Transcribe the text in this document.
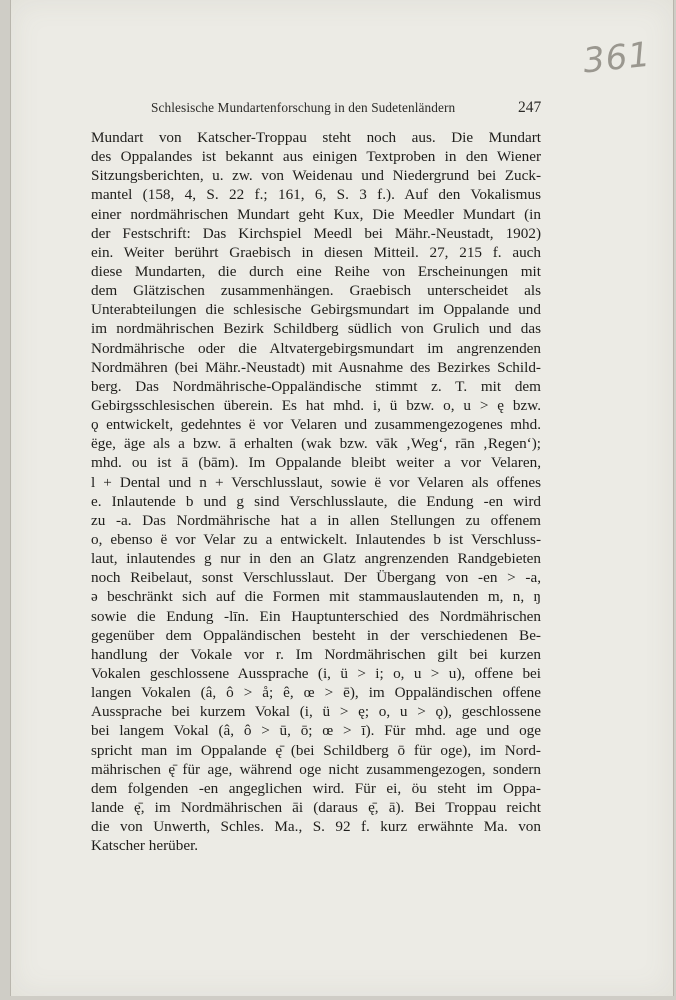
361
Schlesische Mundartenforschung in den Sudetenländern	247
Mundart von Katscher-Troppau steht noch aus. Die Mundart
des Oppalandes ist bekannt aus einigen Textproben in den Wiener
Sitzungsberichten, u. zw. von Weidenau und Niedergrund bei Zuck-
mantel (158, 4, S. 22 f.; 161, 6, S. 3 f.). Auf den Vokalismus
einer nordmährischen Mundart geht Kux, Die Meedler Mundart (in
der Festschrift: Das Kirchspiel Meedl bei Mähr.-Neustadt, 1902)
ein. Weiter berührt Graebisch in diesen Mitteil. 27, 215 f. auch
diese Mundarten, die durch eine Reihe von Erscheinungen mit
dem Glätzischen zusammenhängen. Graebisch unterscheidet als
Unterabteilungen die schlesische Gebirgsmundart im Oppalande und
im nordmährischen Bezirk Schildberg südlich von Grulich und das
Nordmährische oder die Altvatergebirgsmundart im angrenzenden
Nordmähren (bei Mähr.-Neustadt) mit Ausnahme des Bezirkes Schild-
berg. Das Nordmährische-Oppaländische stimmt z. T. mit dem
Gebirgsschlesischen überein. Es hat mhd. i, ü bzw. o, u > ę bzw.
ǫ entwickelt, gedehntes ë vor Velaren und zusammengezogenes mhd.
ëge, äge als a bzw. ā erhalten (wak bzw. vāk ‚Weg‘, rān ‚Regen‘);
mhd. ou ist ā (bām). Im Oppalande bleibt weiter a vor Velaren,
l + Dental und n + Verschlusslaut, sowie ë vor Velaren als offenes
e. Inlautende b und g sind Verschlusslaute, die Endung -en wird
zu -a. Das Nordmährische hat a in allen Stellungen zu offenem
o, ebenso ë vor Velar zu a entwickelt. Inlautendes b ist Verschluss-
laut, inlautendes g nur in den an Glatz angrenzenden Randgebieten
noch Reibelaut, sonst Verschlusslaut. Der Übergang von -en > -a,
ə beschränkt sich auf die Formen mit stammauslautenden m, n, ŋ
sowie die Endung -līn. Ein Hauptunterschied des Nordmährischen
gegenüber dem Oppaländischen besteht in der verschiedenen Be-
handlung der Vokale vor r. Im Nordmährischen gilt bei kurzen
Vokalen geschlossene Aussprache (i, ü > i; o, u > u), offene bei
langen Vokalen (â, ô > å; ê, œ > ē), im Oppaländischen offene
Aussprache bei kurzem Vokal (i, ü > ę; o, u > ǫ), geschlossene
bei langem Vokal (â, ô > ū, ō; œ > ī). Für mhd. age und oge
spricht man im Oppalande ę̄ (bei Schildberg ō für oge), im Nord-
mährischen ę̄ für age, während oge nicht zusammengezogen, sondern
dem folgenden -en angeglichen wird. Für ei, öu steht im Oppa-
lande ę̄, im Nordmährischen āi (daraus ę̄, ā). Bei Troppau reicht
die von Unwerth, Schles. Ma., S. 92 f. kurz erwähnte Ma. von
Katscher herüber.
